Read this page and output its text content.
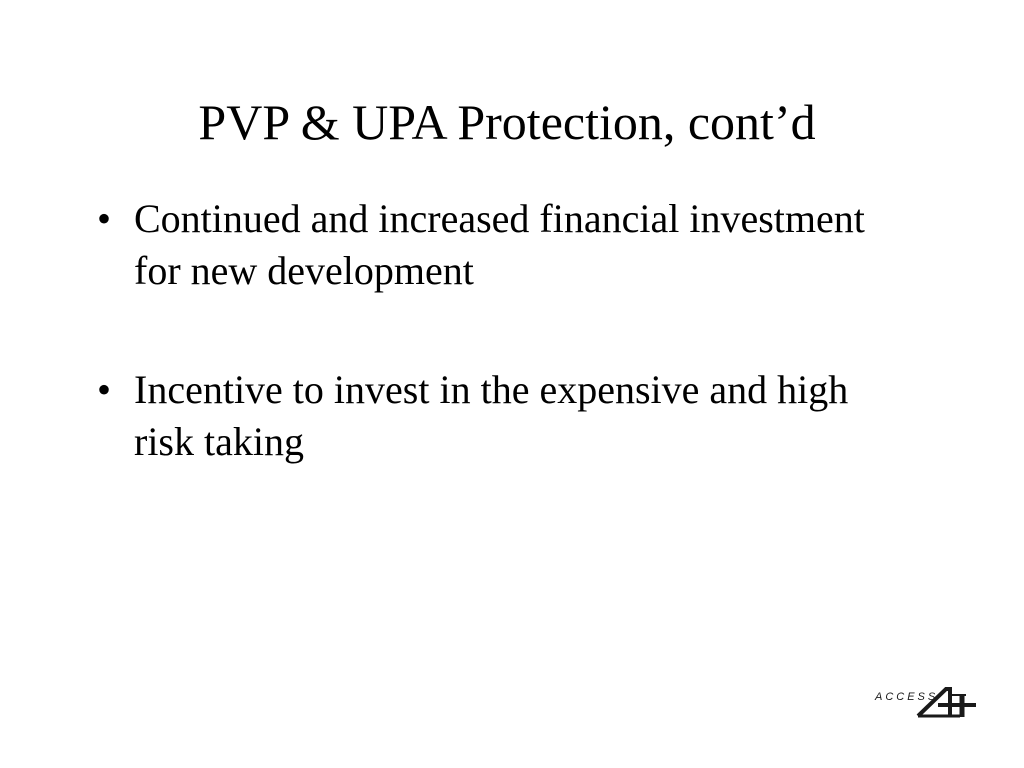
PVP & UPA Protection, cont’d
• Continued and increased financial investment for new development
• Incentive to invest in the expensive and high risk taking
ACCESS
